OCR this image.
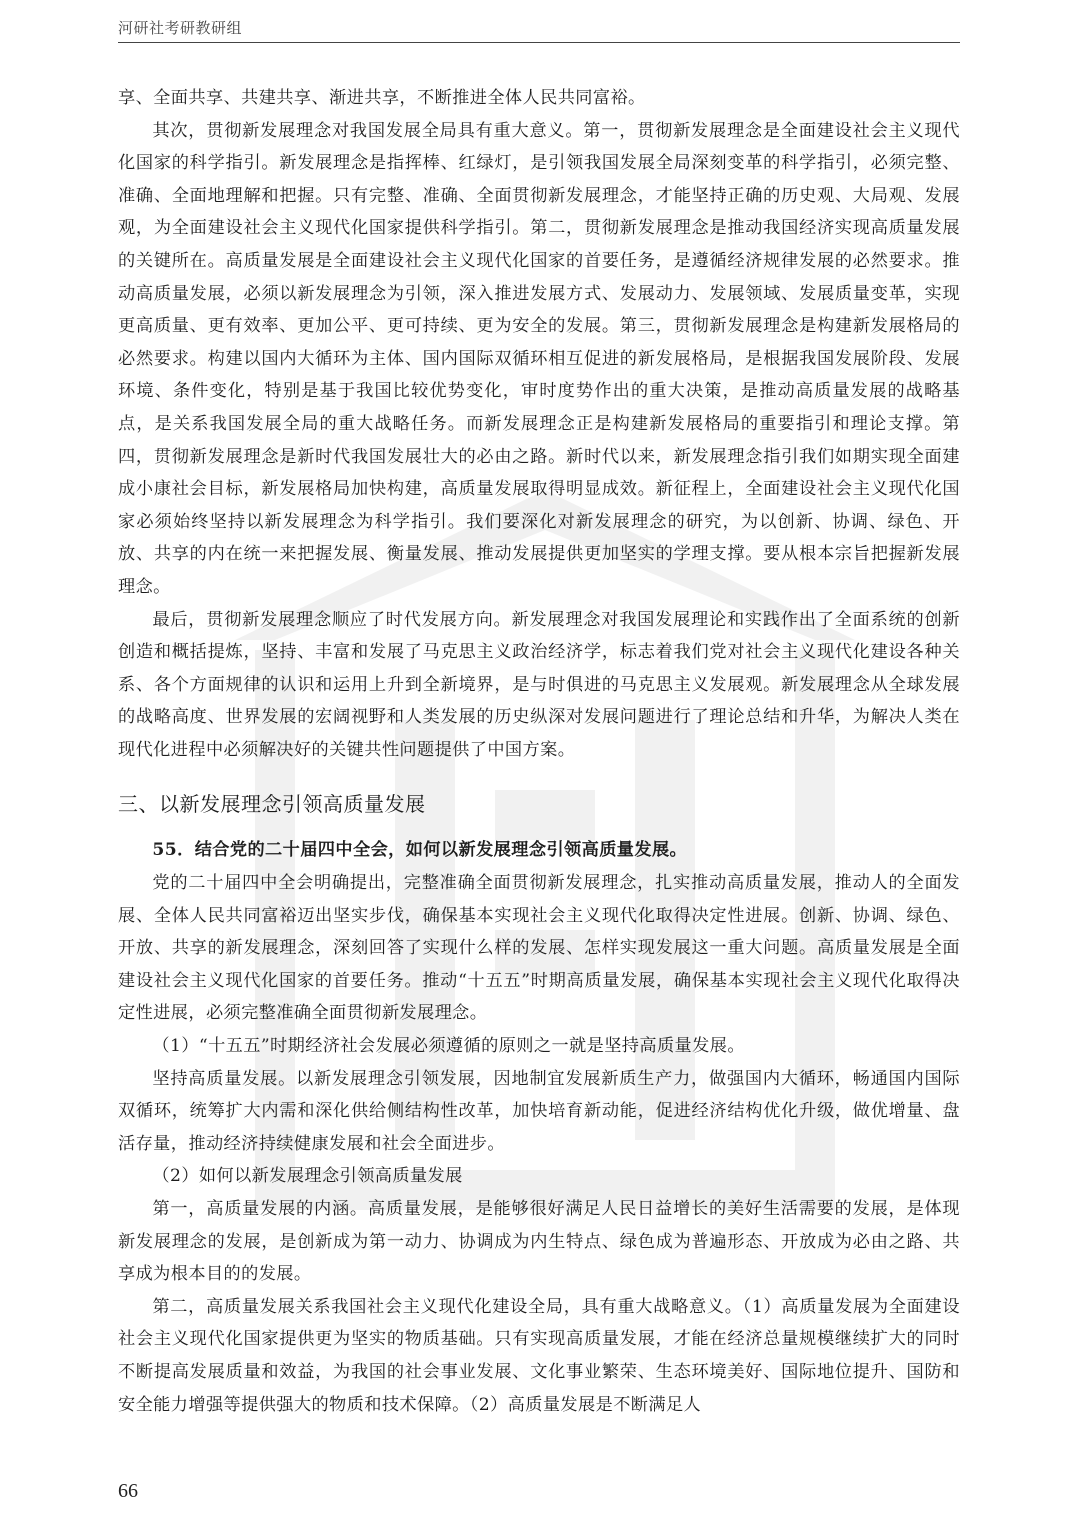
河研社考研教研组

享、全面共享、共建共享、渐进共享，不断推进全体人民共同富裕。

其次，贯彻新发展理念对我国发展全局具有重大意义。第一，贯彻新发展理念是全面建设社会主义现代化国家的科学指引。新发展理念是指挥棒、红绿灯，是引领我国发展全局深刻变革的科学指引，必须完整、准确、全面地理解和把握。只有完整、准确、全面贯彻新发展理念，才能坚持正确的历史观、大局观、发展观，为全面建设社会主义现代化国家提供科学指引。第二，贯彻新发展理念是推动我国经济实现高质量发展的关键所在。高质量发展是全面建设社会主义现代化国家的首要任务，是遵循经济规律发展的必然要求。推动高质量发展，必须以新发展理念为引领，深入推进发展方式、发展动力、发展领域、发展质量变革，实现更高质量、更有效率、更加公平、更可持续、更为安全的发展。第三，贯彻新发展理念是构建新发展格局的必然要求。构建以国内大循环为主体、国内国际双循环相互促进的新发展格局，是根据我国发展阶段、发展环境、条件变化，特别是基于我国比较优势变化，审时度势作出的重大决策，是推动高质量发展的战略基点，是关系我国发展全局的重大战略任务。而新发展理念正是构建新发展格局的重要指引和理论支撑。第四，贯彻新发展理念是新时代我国发展壮大的必由之路。新时代以来，新发展理念指引我们如期实现全面建成小康社会目标，新发展格局加快构建，高质量发展取得明显成效。新征程上，全面建设社会主义现代化国家必须始终坚持以新发展理念为科学指引。我们要深化对新发展理念的研究，为以创新、协调、绿色、开放、共享的内在统一来把握发展、衡量发展、推动发展提供更加坚实的学理支撑。要从根本宗旨把握新发展理念。

最后，贯彻新发展理念顺应了时代发展方向。新发展理念对我国发展理论和实践作出了全面系统的创新创造和概括提炼，坚持、丰富和发展了马克思主义政治经济学，标志着我们党对社会主义现代化建设各种关系、各个方面规律的认识和运用上升到全新境界，是与时俱进的马克思主义发展观。新发展理念从全球发展的战略高度、世界发展的宏阔视野和人类发展的历史纵深对发展问题进行了理论总结和升华，为解决人类在现代化进程中必须解决好的关键共性问题提供了中国方案。

三、以新发展理念引领高质量发展

55．结合党的二十届四中全会，如何以新发展理念引领高质量发展。

党的二十届四中全会明确提出，完整准确全面贯彻新发展理念，扎实推动高质量发展，推动人的全面发展、全体人民共同富裕迈出坚实步伐，确保基本实现社会主义现代化取得决定性进展。创新、协调、绿色、开放、共享的新发展理念，深刻回答了实现什么样的发展、怎样实现发展这一重大问题。高质量发展是全面建设社会主义现代化国家的首要任务。推动“十五五”时期高质量发展，确保基本实现社会主义现代化取得决定性进展，必须完整准确全面贯彻新发展理念。

（1）“十五五”时期经济社会发展必须遵循的原则之一就是坚持高质量发展。

坚持高质量发展。以新发展理念引领发展，因地制宜发展新质生产力，做强国内大循环，畅通国内国际双循环，统筹扩大内需和深化供给侧结构性改革，加快培育新动能，促进经济结构优化升级，做优增量、盘活存量，推动经济持续健康发展和社会全面进步。

（2）如何以新发展理念引领高质量发展

第一，高质量发展的内涵。高质量发展，是能够很好满足人民日益增长的美好生活需要的发展，是体现新发展理念的发展，是创新成为第一动力、协调成为内生特点、绿色成为普遍形态、开放成为必由之路、共享成为根本目的的发展。

第二，高质量发展关系我国社会主义现代化建设全局，具有重大战略意义。（1）高质量发展为全面建设社会主义现代化国家提供更为坚实的物质基础。只有实现高质量发展，才能在经济总量规模继续扩大的同时不断提高发展质量和效益，为我国的社会事业发展、文化事业繁荣、生态环境美好、国际地位提升、国防和安全能力增强等提供强大的物质和技术保障。（2）高质量发展是不断满足人

66
